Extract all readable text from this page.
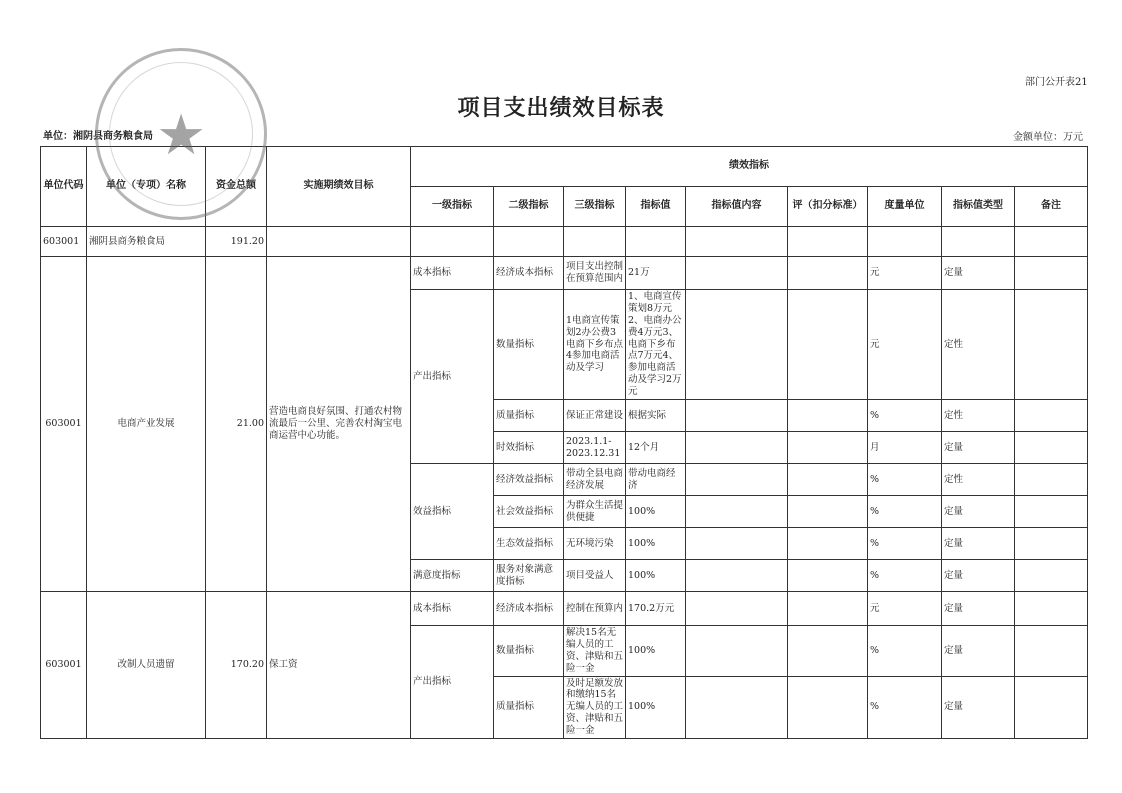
部门公开表21
项目支出绩效目标表
单位：湘阴县商务粮食局	金额单位：万元
单位代码	单位（专项）名称	资金总额	实施期绩效目标	绩效指标								
				一级指标	二级指标	三级指标	指标值	指标值内容	评（扣分标准）	度量单位	指标值类型	备注
603001	湘阴县商务粮食局	191.20										
603001	电商产业发展	21.00	营造电商良好氛围、打通农村物流最后一公里、完善农村淘宝电商运营中心功能。	成本指标	经济成本指标	项目支出控制在预算范围内	21万			元	定量	
				产出指标	数量指标	1电商宣传策划2办公费3电商下乡布点4参加电商活动及学习	1、电商宣传策划8万元2、电商办公费4万元3、电商下乡布点7万元4、参加电商活动及学习2万元			元	定性	
					质量指标	保证正常建设	根据实际			%	定性	
					时效指标	2023.1.1-2023.12.31	12个月			月	定量	
				效益指标	经济效益指标	带动全县电商经济发展	带动电商经济			%	定性	
					社会效益指标	为群众生活提供便捷	100%			%	定量	
					生态效益指标	无环境污染	100%			%	定量	
				满意度指标	服务对象满意度指标	项目受益人	100%			%	定量	
603001	改制人员遗留	170.20	保工资	成本指标	经济成本指标	控制在预算内	170.2万元			元	定量	
				产出指标	数量指标	解决15名无编人员的工资、津贴和五险一金	100%			%	定量	
					质量指标	及时足额发放和缴纳15名无编人员的工资、津贴和五险一金	100%			%	定量	
★
